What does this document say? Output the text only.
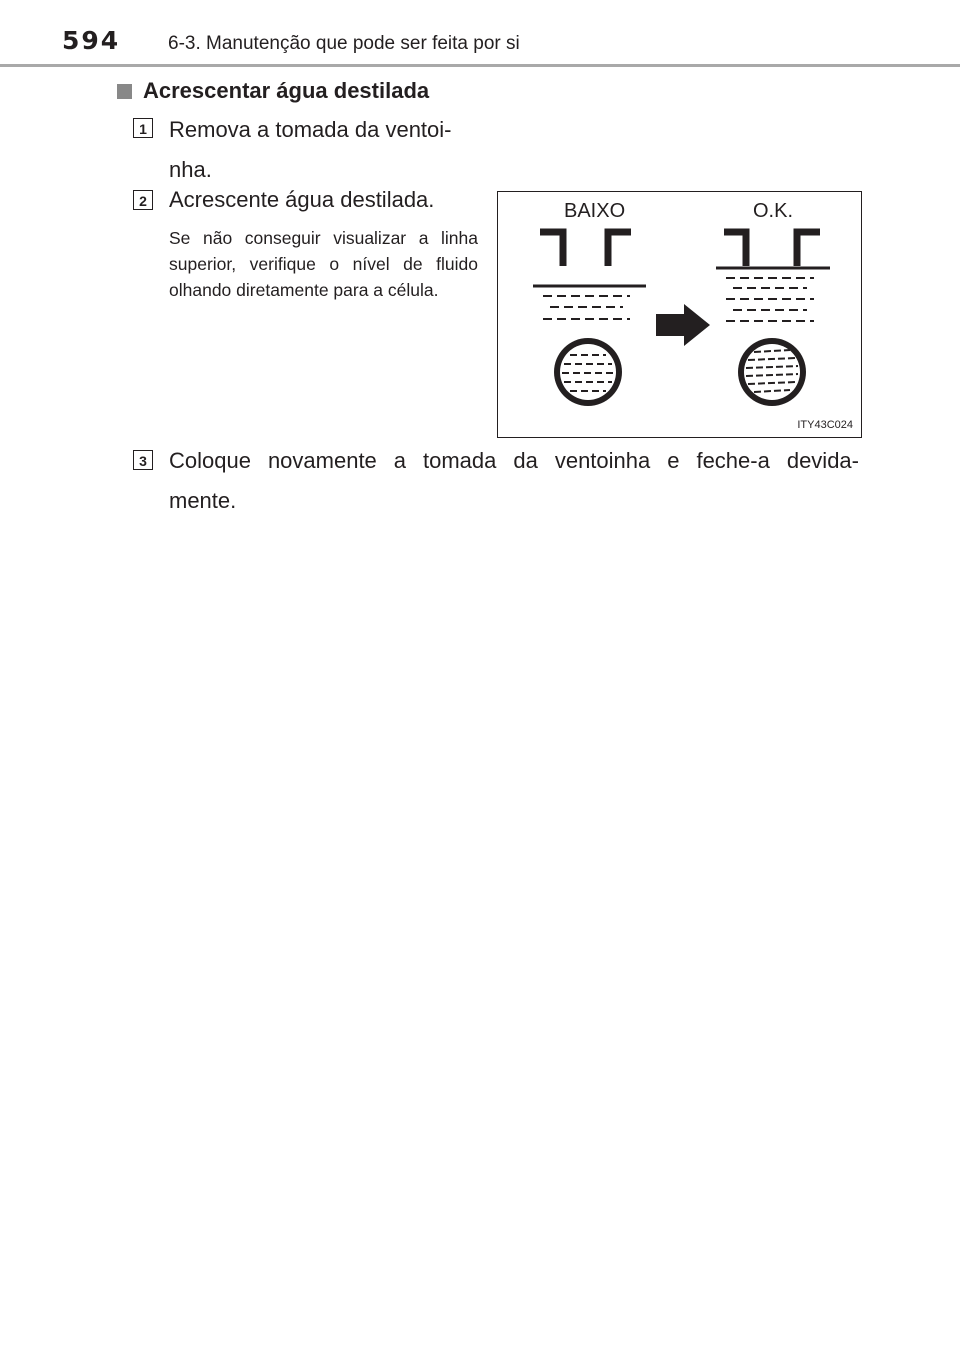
594	6-3. Manutenção que pode ser feita por si
Acrescentar água destilada
1 Remova a tomada da ventoi-
nha.
2 Acrescente água destilada.
Se não conseguir visualizar a linha superior, verifique o nível de fluido olhando diretamente para a célula.
BAIXO	O.K.
ITY43C024
3 Coloque novamente a tomada da ventoinha e feche-a devida-
mente.
